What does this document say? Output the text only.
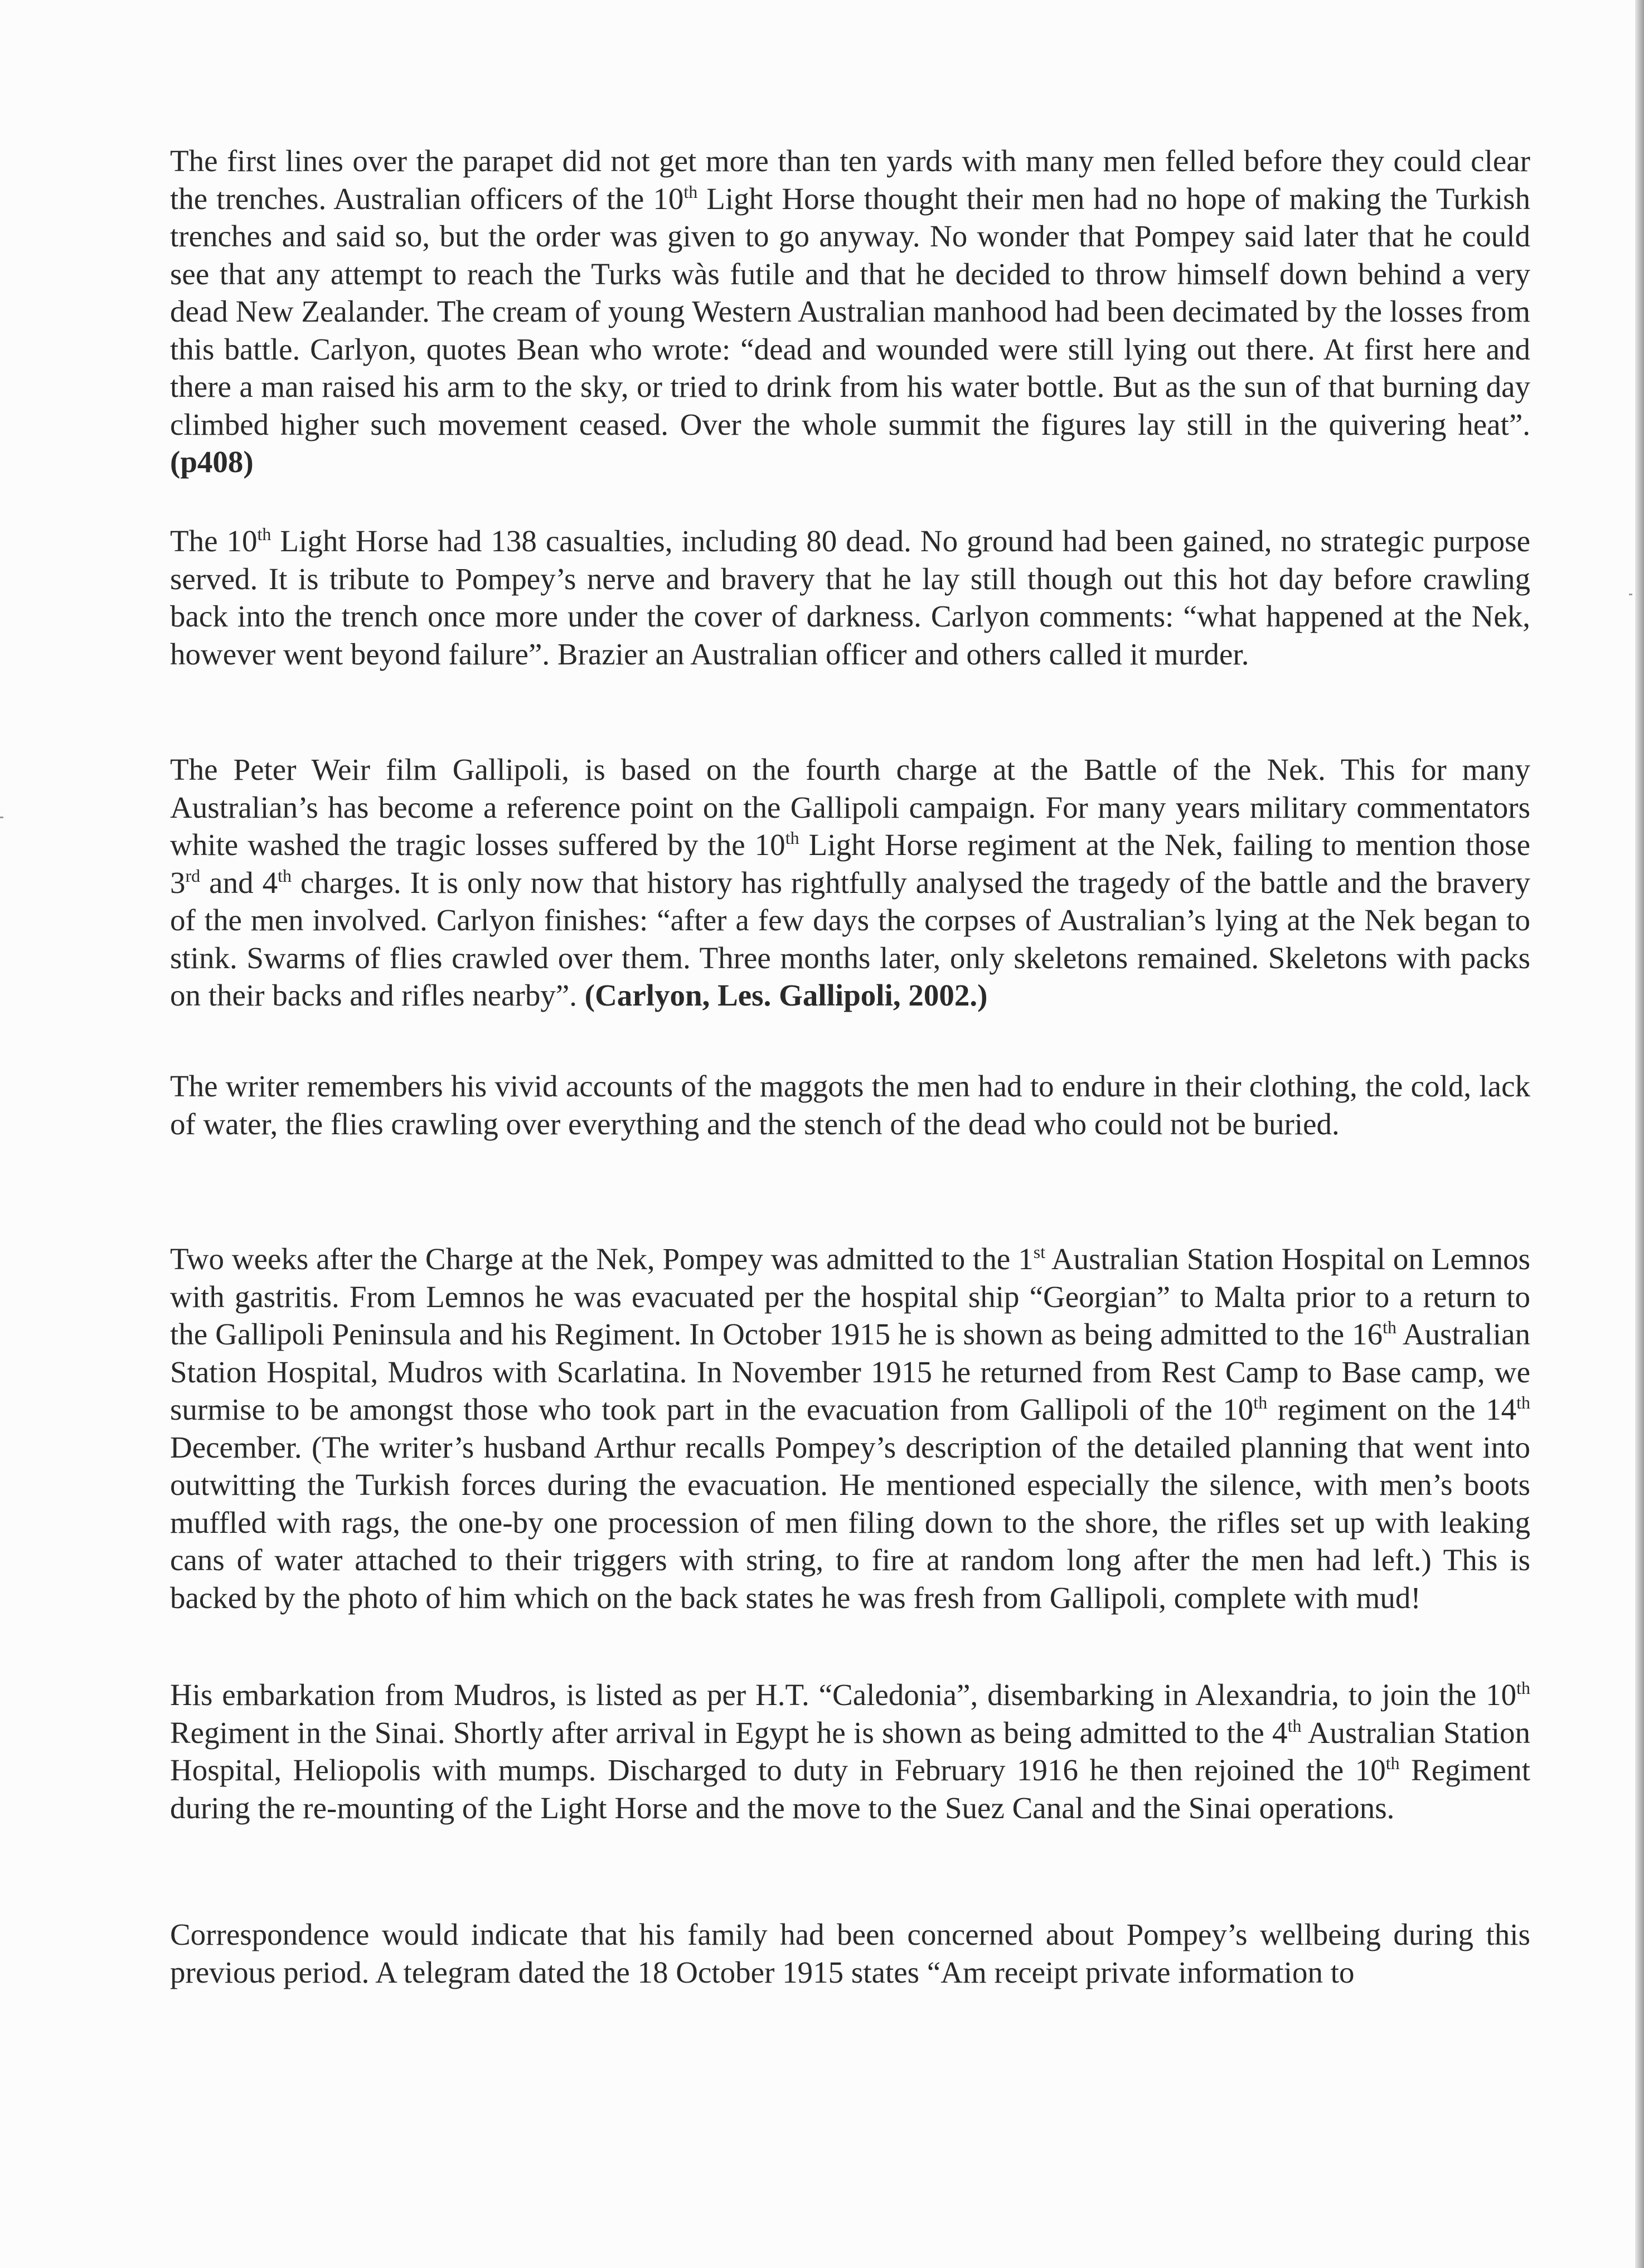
The first lines over the parapet did not get more than ten yards with many men felled before they could clear the trenches. Australian officers of the 10th Light Horse thought their men had no hope of making the Turkish trenches and said so, but the order was given to go anyway. No wonder that Pompey said later that he could see that any attempt to reach the Turks wàs futile and that he decided to throw himself down behind a very dead New Zealander. The cream of young Western Australian manhood had been decimated by the losses from this battle. Carlyon, quotes Bean who wrote: “dead and wounded were still lying out there. At first here and there a man raised his arm to the sky, or tried to drink from his water bottle. But as the sun of that burning day climbed higher such movement ceased. Over the whole summit the figures lay still in the quivering heat”. (p408)

The 10th Light Horse had 138 casualties, including 80 dead. No ground had been gained, no strategic purpose served. It is tribute to Pompey’s nerve and bravery that he lay still though out this hot day before crawling back into the trench once more under the cover of darkness. Carlyon comments: “what happened at the Nek, however went beyond failure”. Brazier an Australian officer and others called it murder.

The Peter Weir film Gallipoli, is based on the fourth charge at the Battle of the Nek. This for many Australian’s has become a reference point on the Gallipoli campaign. For many years military commentators white washed the tragic losses suffered by the 10th Light Horse regiment at the Nek, failing to mention those 3rd and 4th charges. It is only now that history has rightfully analysed the tragedy of the battle and the bravery of the men involved. Carlyon finishes: “after a few days the corpses of Australian’s lying at the Nek began to stink. Swarms of flies crawled over them. Three months later, only skeletons remained. Skeletons with packs on their backs and rifles nearby”. (Carlyon, Les. Gallipoli, 2002.)

The writer remembers his vivid accounts of the maggots the men had to endure in their clothing, the cold, lack of water, the flies crawling over everything and the stench of the dead who could not be buried.

Two weeks after the Charge at the Nek, Pompey was admitted to the 1st Australian Station Hospital on Lemnos with gastritis. From Lemnos he was evacuated per the hospital ship “Georgian” to Malta prior to a return to the Gallipoli Peninsula and his Regiment. In October 1915 he is shown as being admitted to the 16th Australian Station Hospital, Mudros with Scarlatina. In November 1915 he returned from Rest Camp to Base camp, we surmise to be amongst those who took part in the evacuation from Gallipoli of the 10th regiment on the 14th December. (The writer’s husband Arthur recalls Pompey’s description of the detailed planning that went into outwitting the Turkish forces during the evacuation. He mentioned especially the silence, with men’s boots muffled with rags, the one-by one procession of men filing down to the shore, the rifles set up with leaking cans of water attached to their triggers with string, to fire at random long after the men had left.) This is backed by the photo of him which on the back states he was fresh from Gallipoli, complete with mud!

His embarkation from Mudros, is listed as per H.T. “Caledonia”, disembarking in Alexandria, to join the 10th Regiment in the Sinai. Shortly after arrival in Egypt he is shown as being admitted to the 4th Australian Station Hospital, Heliopolis with mumps. Discharged to duty in February 1916 he then rejoined the 10th Regiment during the re-mounting of the Light Horse and the move to the Suez Canal and the Sinai operations.

Correspondence would indicate that his family had been concerned about Pompey’s wellbeing during this previous period. A telegram dated the 18 October 1915 states “Am receipt private information to
